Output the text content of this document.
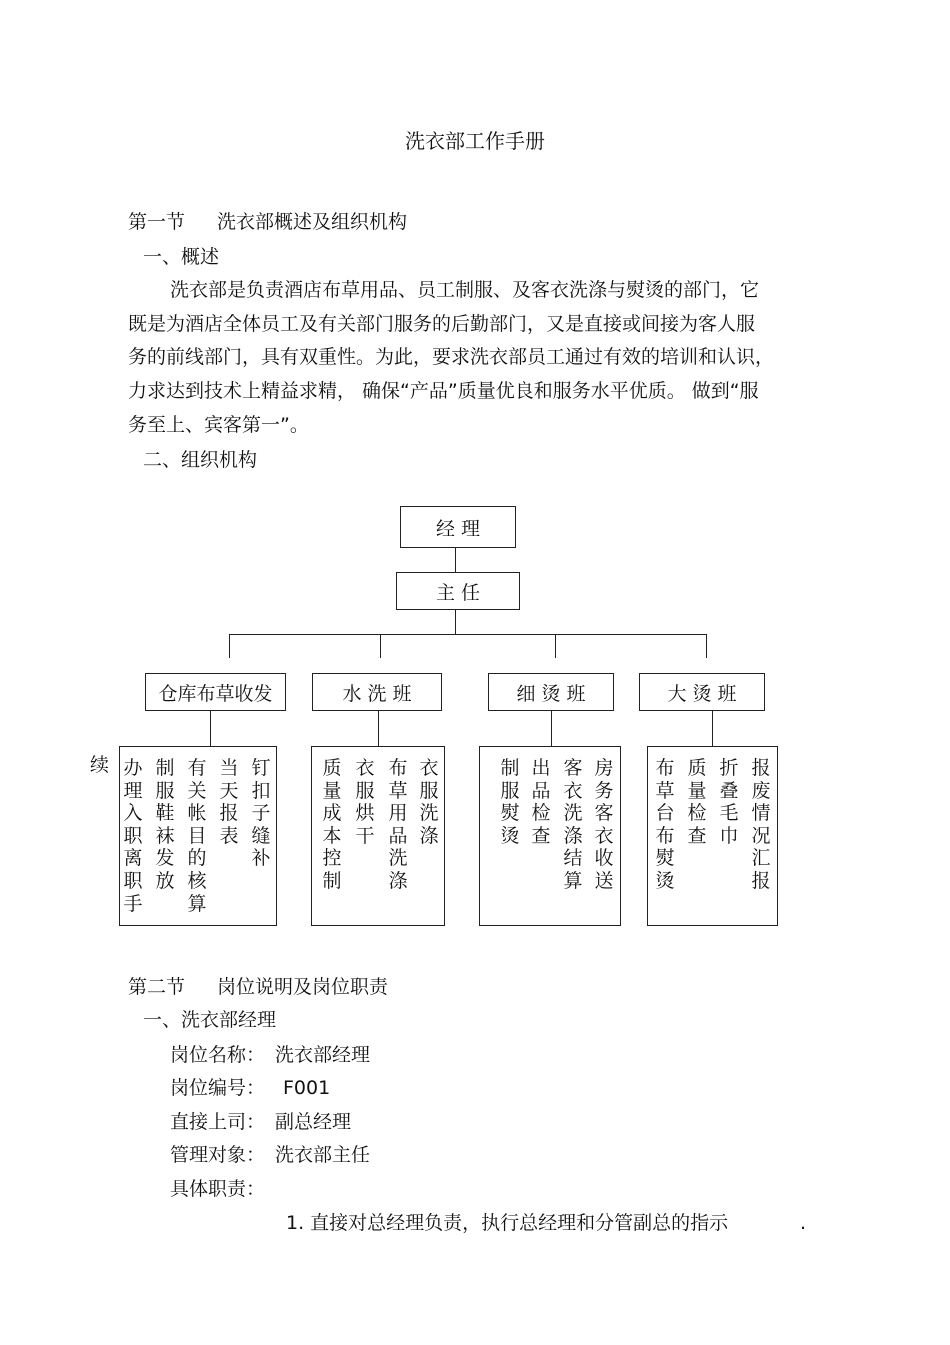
洗衣部工作手册
第一节 洗衣部概述及组织机构
一、概述
洗衣部是负责酒店布草用品、员工制服、及客衣洗涤与熨烫的部门，它
既是为酒店全体员工及有关部门服务的后勤部门，又是直接或间接为客人服
务的前线部门，具有双重性。为此，要求洗衣部员工通过有效的培训和认识，
力求达到技术上精益求精， 确保“产品”质量优良和服务水平优质。 做到“服
务至上、宾客第一”。
二、组织机构
经 理
主 任
仓库布草收发	水 洗 班	细 烫 班	大 烫 班
续 办理入职离职手
制服鞋袜发放
有关帐目的核算
当天报表
钉扣子缝补
质量成本控制
衣服烘干
布草用品洗涤
衣服洗涤
制服熨烫
出品检查
客衣洗涤结算
房务客衣收送
布草台布熨烫
质量检查
折叠毛巾
报废情况汇报
第二节 岗位说明及岗位职责
一、洗衣部经理
岗位名称： 洗衣部经理
岗位编号： F001
直接上司： 副总经理
管理对象： 洗衣部主任
具体职责：
1. 直接对总经理负责，执行总经理和分管副总的指示	.
